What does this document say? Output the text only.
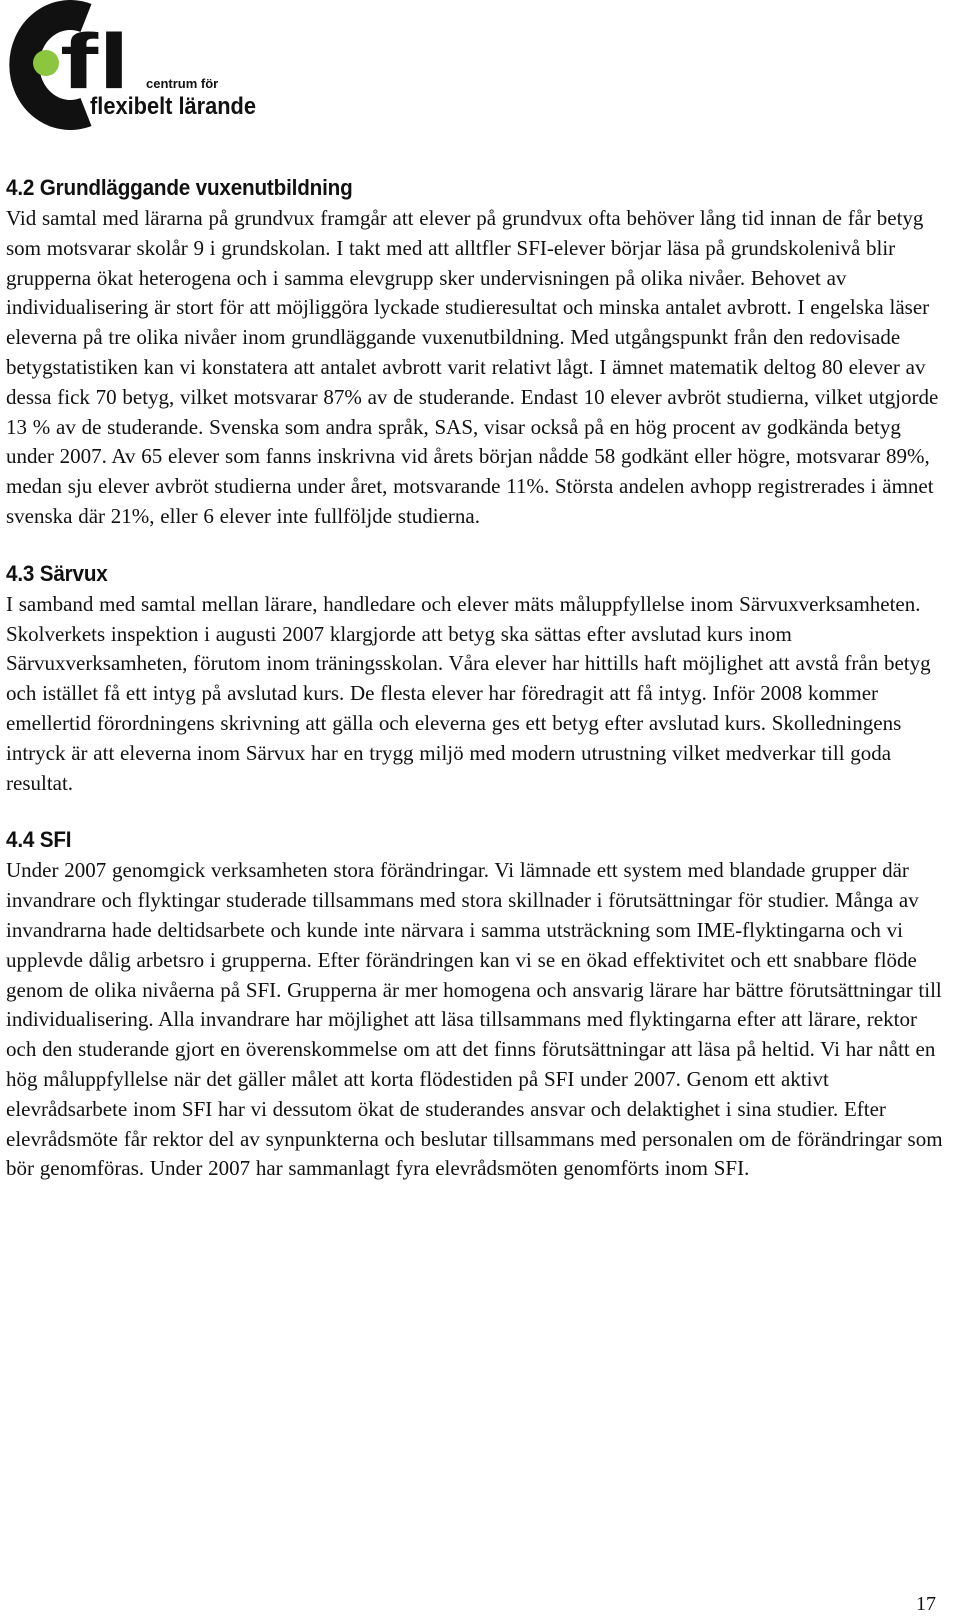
fl centrum för
flexibelt lärande
4.2 Grundläggande vuxenutbildning

Vid samtal med lärarna på grundvux framgår att elever på grundvux ofta behöver lång tid innan de får betyg som motsvarar skolår 9 i grundskolan. I takt med att alltfler SFI-elever börjar läsa på grundskolenivå blir grupperna ökat heterogena och i samma elevgrupp sker undervisningen på olika nivåer. Behovet av individualisering är stort för att möjliggöra lyckade studieresultat och minska antalet avbrott. I engelska läser eleverna på tre olika nivåer inom grundläggande vuxenutbildning. Med utgångspunkt från den redovisade betygstatistiken kan vi konstatera att antalet avbrott varit relativt lågt. I ämnet matematik deltog 80 elever av dessa fick 70 betyg, vilket motsvarar 87% av de studerande. Endast 10 elever avbröt studierna, vilket utgjorde 13 % av de studerande. Svenska som andra språk, SAS, visar också på en hög procent av godkända betyg under 2007. Av 65 elever som fanns inskrivna vid årets början nådde 58 godkänt eller högre, motsvarar 89%, medan sju elever avbröt studierna under året, motsvarande 11%. Största andelen avhopp registrerades i ämnet svenska där 21%, eller 6 elever inte fullföljde studierna.

4.3 Särvux

I samband med samtal mellan lärare, handledare och elever mäts måluppfyllelse inom Särvuxverksamheten. Skolverkets inspektion i augusti 2007 klargjorde att betyg ska sättas efter avslutad kurs inom Särvuxverksamheten, förutom inom träningsskolan. Våra elever har hittills haft möjlighet att avstå från betyg och istället få ett intyg på avslutad kurs. De flesta elever har föredragit att få intyg. Inför 2008 kommer emellertid förordningens skrivning att gälla och eleverna ges ett betyg efter avslutad kurs. Skolledningens intryck är att eleverna inom Särvux har en trygg miljö med modern utrustning vilket medverkar till goda resultat.

4.4 SFI

Under 2007 genomgick verksamheten stora förändringar. Vi lämnade ett system med blandade grupper där invandrare och flyktingar studerade tillsammans med stora skillnader i förutsättningar för studier. Många av invandrarna hade deltidsarbete och kunde inte närvara i samma utsträckning som IME-flyktingarna och vi upplevde dålig arbetsro i grupperna. Efter förändringen kan vi se en ökad effektivitet och ett snabbare flöde genom de olika nivåerna på SFI. Grupperna är mer homogena och ansvarig lärare har bättre förutsättningar till individualisering. Alla invandrare har möjlighet att läsa tillsammans med flyktingarna efter att lärare, rektor och den studerande gjort en överenskommelse om att det finns förutsättningar att läsa på heltid. Vi har nått en hög måluppfyllelse när det gäller målet att korta flödestiden på SFI under 2007. Genom ett aktivt elevrådsarbete inom SFI har vi dessutom ökat de studerandes ansvar och delaktighet i sina studier. Efter elevrådsmöte får rektor del av synpunkterna och beslutar tillsammans med personalen om de förändringar som bör genomföras. Under 2007 har sammanlagt fyra elevrådsmöten genomförts inom SFI.

17
